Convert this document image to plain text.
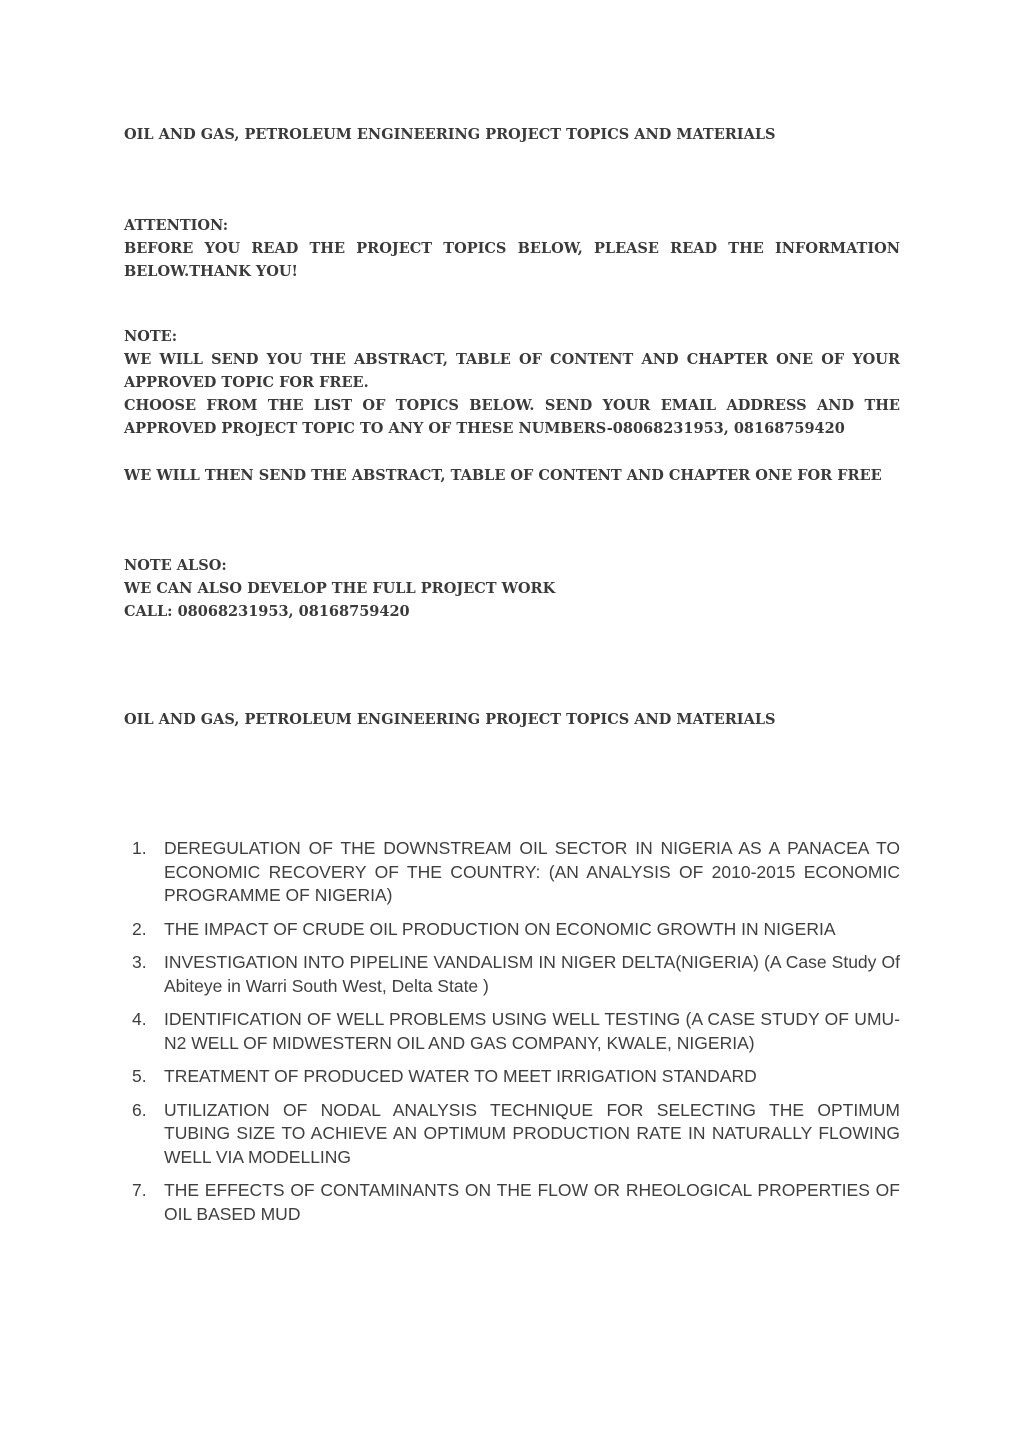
OIL AND GAS, PETROLEUM ENGINEERING PROJECT TOPICS AND MATERIALS

ATTENTION:

BEFORE YOU READ THE PROJECT TOPICS BELOW, PLEASE READ THE INFORMATION BELOW.THANK YOU!

NOTE:

WE WILL SEND YOU THE ABSTRACT, TABLE OF CONTENT AND CHAPTER ONE OF YOUR APPROVED TOPIC FOR FREE.

CHOOSE FROM THE LIST OF TOPICS BELOW. SEND YOUR EMAIL ADDRESS AND THE APPROVED PROJECT TOPIC TO ANY OF THESE NUMBERS-08068231953, 08168759420

WE WILL THEN SEND THE ABSTRACT, TABLE OF CONTENT AND CHAPTER ONE FOR FREE

NOTE ALSO:

WE CAN ALSO DEVELOP THE FULL PROJECT WORK

CALL: 08068231953, 08168759420

OIL AND GAS, PETROLEUM ENGINEERING PROJECT TOPICS AND MATERIALS

1. DEREGULATION OF THE DOWNSTREAM OIL SECTOR IN NIGERIA AS A PANACEA TO ECONOMIC RECOVERY OF THE COUNTRY: (AN ANALYSIS OF 2010-2015 ECONOMIC PROGRAMME OF NIGERIA)
2. THE IMPACT OF CRUDE OIL PRODUCTION ON ECONOMIC GROWTH IN NIGERIA
3. INVESTIGATION INTO PIPELINE VANDALISM IN NIGER DELTA(NIGERIA) (A Case Study Of Abiteye in Warri South West, Delta State )
4. IDENTIFICATION OF WELL PROBLEMS USING WELL TESTING (A CASE STUDY OF UMU-N2 WELL OF MIDWESTERN OIL AND GAS COMPANY, KWALE, NIGERIA)
5. TREATMENT OF PRODUCED WATER TO MEET IRRIGATION STANDARD
6. UTILIZATION OF NODAL ANALYSIS TECHNIQUE FOR SELECTING THE OPTIMUM TUBING SIZE TO ACHIEVE AN OPTIMUM PRODUCTION RATE IN NATURALLY FLOWING WELL VIA MODELLING
7. THE EFFECTS OF CONTAMINANTS ON THE FLOW OR RHEOLOGICAL PROPERTIES OF OIL BASED MUD
